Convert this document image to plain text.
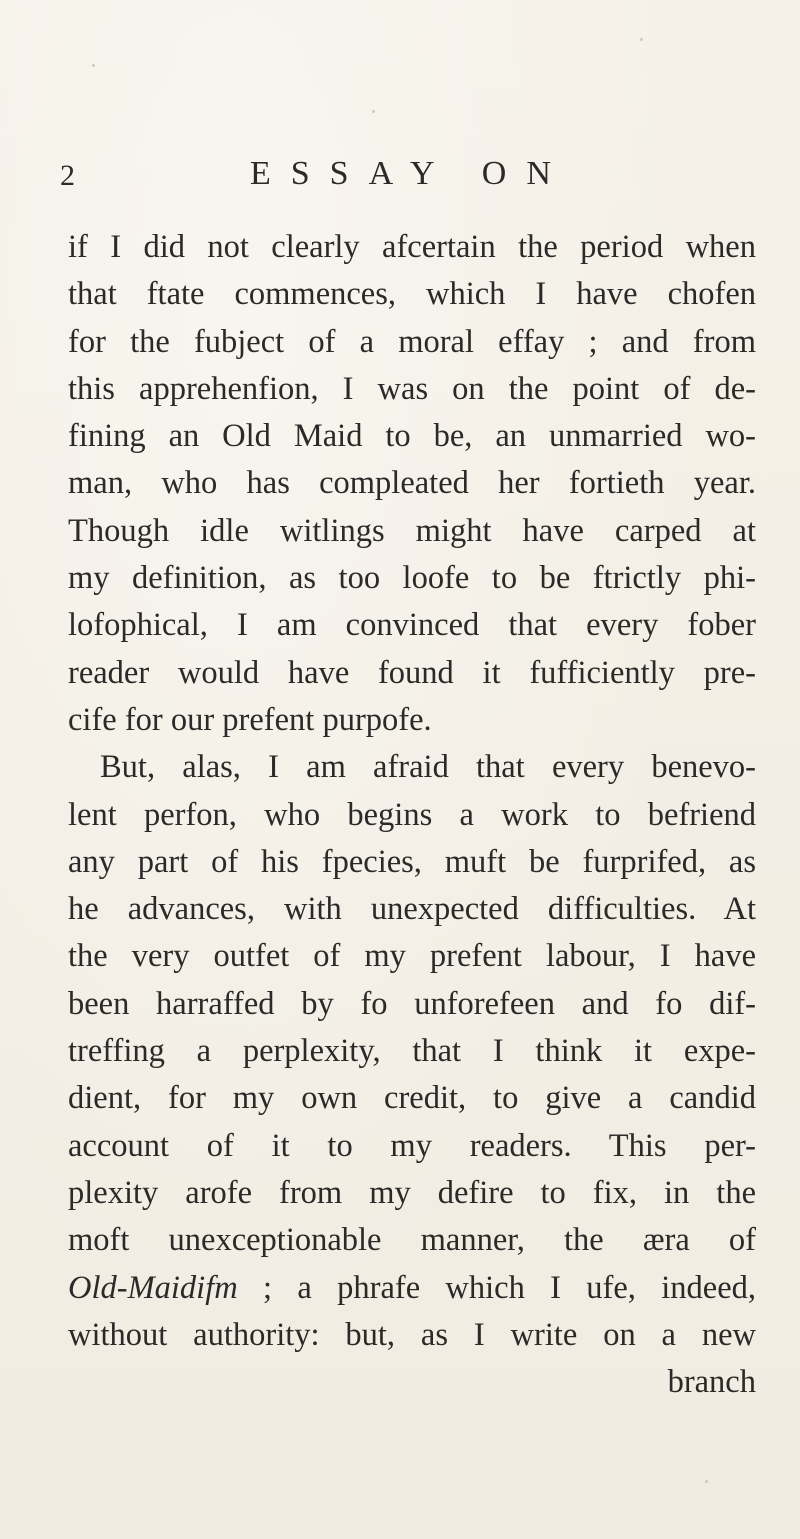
2	ESSAY ON
if I did not clearly afcertain the period when
that ftate commences, which I have chofen
for the fubject of a moral effay ; and from
this apprehenfion, I was on the point of de-
fining an Old Maid to be, an unmarried wo-
man, who has compleated her fortieth year.
Though idle witlings might have carped at
my definition, as too loofe to be ftrictly phi-
lofophical, I am convinced that every fober
reader would have found it fufficiently pre-
cife for our prefent purpofe.
But, alas, I am afraid that every benevo-
lent perfon, who begins a work to befriend
any part of his fpecies, muft be furprifed, as
he advances, with unexpected difficulties. At
the very outfet of my prefent labour, I have
been harraffed by fo unforefeen and fo dif-
treffing a perplexity, that I think it expe-
dient, for my own credit, to give a candid
account of it to my readers. This per-
plexity arofe from my defire to fix, in the
moft unexceptionable manner, the æra of
Old-Maidifm ; a phrafe which I ufe, indeed,
without authority: but, as I write on a new
branch
